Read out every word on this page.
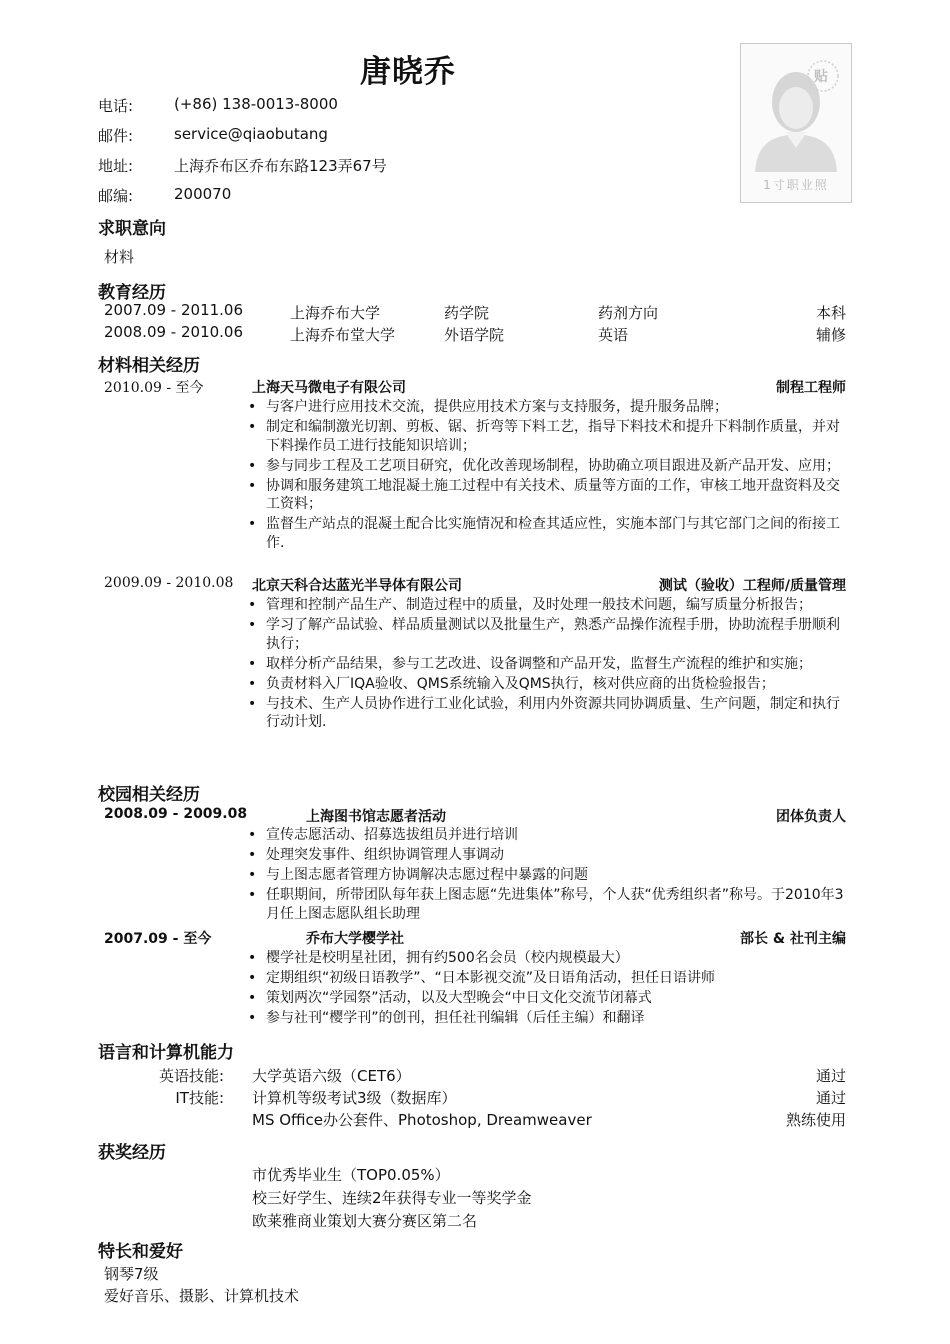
唐晓乔
电话:	(+86) 138-0013-8000
邮件:	service@qiaobutang
地址:	上海乔布区乔布东路123弄67号
邮编:	200070
贴
1寸职业照
求职意向
材料
教育经历
2007.09 - 2011.06	上海乔布大学	药学院	药剂方向	本科
2008.09 - 2010.06	上海乔布堂大学	外语学院	英语	辅修
材料相关经历
2010.09 - 至今	上海天马微电子有限公司	制程工程师
• 与客户进行应用技术交流，提供应用技术方案与支持服务，提升服务品牌；
• 制定和编制激光切割、剪板、锯、折弯等下料工艺，指导下料技术和提升下料制作质量，并对下料操作员工进行技能知识培训；
• 参与同步工程及工艺项目研究，优化改善现场制程，协助确立项目跟进及新产品开发、应用；
• 协调和服务建筑工地混凝土施工过程中有关技术、质量等方面的工作，审核工地开盘资料及交工资料；
• 监督生产站点的混凝土配合比实施情况和检查其适应性，实施本部门与其它部门之间的衔接工作.
2009.09 - 2010.08 北京天科合达蓝光半导体有限公司	测试（验收）工程师/质量管理
• 管理和控制产品生产、制造过程中的质量，及时处理一般技术问题，编写质量分析报告；
• 学习了解产品试验、样品质量测试以及批量生产，熟悉产品操作流程手册，协助流程手册顺利执行；
• 取样分析产品结果，参与工艺改进、设备调整和产品开发，监督生产流程的维护和实施；
• 负责材料入厂IQA验收、QMS系统输入及QMS执行，核对供应商的出货检验报告；
• 与技术、生产人员协作进行工业化试验，利用内外资源共同协调质量、生产问题，制定和执行行动计划.
校园相关经历
2008.09 - 2009.08	上海图书馆志愿者活动	团体负责人
• 宣传志愿活动、招募选拔组员并进行培训
• 处理突发事件、组织协调管理人事调动
• 与上图志愿者管理方协调解决志愿过程中暴露的问题
• 任职期间，所带团队每年获上图志愿“先进集体”称号，个人获“优秀组织者”称号。于2010年3月任上图志愿队组长助理
2007.09 - 至今	乔布大学樱学社	部长 & 社刊主编
• 樱学社是校明星社团，拥有约500名会员（校内规模最大）
• 定期组织“初级日语教学”、“日本影视交流”及日语角活动，担任日语讲师
• 策划两次“学园祭”活动，以及大型晚会“中日文化交流节闭幕式
• 参与社刊“樱学刊”的创刊，担任社刊编辑（后任主编）和翻译
语言和计算机能力
英语技能: 大学英语六级（CET6）	通过
IT技能: 计算机等级考试3级（数据库）	通过
MS Office办公套件、Photoshop, Dreamweaver	熟练使用
获奖经历
市优秀毕业生（TOP0.05%）
校三好学生、连续2年获得专业一等奖学金
欧莱雅商业策划大赛分赛区第二名
特长和爱好
钢琴7级
爱好音乐、摄影、计算机技术
